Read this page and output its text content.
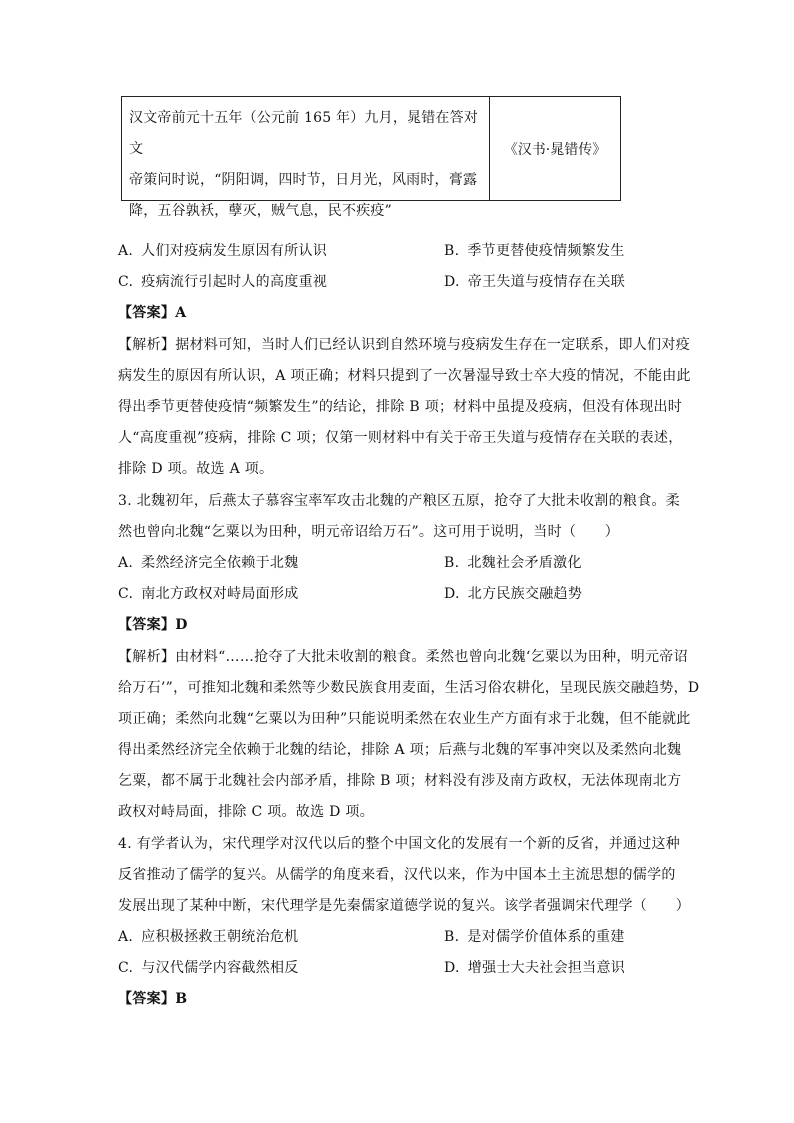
汉文帝前元十五年（公元前 165 年）九月，晁错在答对文
帝策问时说，“阴阳调，四时节，日月光，风雨时，膏露
降，五谷孰袄，孽灭，贼气息，民不疾疫”
《汉书·晁错传》
A. 人们对疫病发生原因有所认识	B. 季节更替使疫情频繁发生
C. 疫病流行引起时人的高度重视	D. 帝王失道与疫情存在关联
【答案】A
【解析】据材料可知，当时人们已经认识到自然环境与疫病发生存在一定联系，即人们对疫
病发生的原因有所认识，A 项正确；材料只提到了一次暑湿导致士卒大疫的情况，不能由此
得出季节更替使疫情“频繁发生”的结论，排除 B 项；材料中虽提及疫病，但没有体现出时
人“高度重视”疫病，排除 C 项；仅第一则材料中有关于帝王失道与疫情存在关联的表述，
排除 D 项。故选 A 项。
3. 北魏初年，后燕太子慕容宝率军攻击北魏的产粮区五原，抢夺了大批未收割的粮食。柔
然也曾向北魏“乞粟以为田种，明元帝诏给万石”。这可用于说明，当时（　　）
A. 柔然经济完全依赖于北魏	B. 北魏社会矛盾激化
C. 南北方政权对峙局面形成	D. 北方民族交融趋势
【答案】D
【解析】由材料“……抢夺了大批未收割的粮食。柔然也曾向北魏‘乞粟以为田种，明元帝诏
给万石’”，可推知北魏和柔然等少数民族食用麦面，生活习俗农耕化，呈现民族交融趋势，D
项正确；柔然向北魏“乞粟以为田种”只能说明柔然在农业生产方面有求于北魏，但不能就此
得出柔然经济完全依赖于北魏的结论，排除 A 项；后燕与北魏的军事冲突以及柔然向北魏
乞粟，都不属于北魏社会内部矛盾，排除 B 项；材料没有涉及南方政权，无法体现南北方
政权对峙局面，排除 C 项。故选 D 项。
4. 有学者认为，宋代理学对汉代以后的整个中国文化的发展有一个新的反省，并通过这种
反省推动了儒学的复兴。从儒学的角度来看，汉代以来，作为中国本土主流思想的儒学的
发展出现了某种中断，宋代理学是先秦儒家道德学说的复兴。该学者强调宋代理学（　　）
A. 应积极拯救王朝统治危机	B. 是对儒学价值体系的重建
C. 与汉代儒学内容截然相反	D. 增强士大夫社会担当意识
【答案】B
